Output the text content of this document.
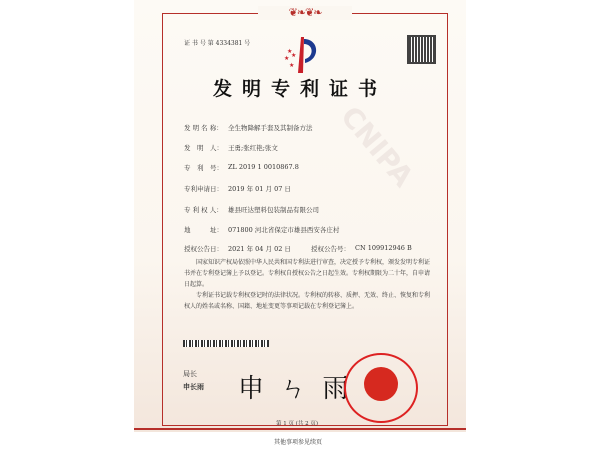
❦❧❦❧
CNIPA
证 书 号 第 4334381 号
★
★ ★
★
发明专利证书
发 明 名 称： 全生物降解手套及其制备方法
发　明　人： 王勇;张红艳;张文
专　利　号： ZL 2019 1 0010867.8
专利申请日： 2019 年 01 月 07 日
专 利 权 人： 雄县旺达塑料包装制品有限公司
地　　　址： 071800 河北省保定市雄县西安各庄村
授权公告日： 2021 年 04 月 02 日	授权公告号： CN 109912946 B
国家知识产权局依照中华人民共和国专利法进行审查，决定授予专利权，颁发发明专利证书并在专利登记簿上予以登记。专利权自授权公告之日起生效。专利权期限为二十年，自申请日起算。
专利证书记载专利权登记时的法律状况。专利权的转移、质押、无效、终止、恢复和专利权人的姓名或名称、国籍、地址变更等事项记载在专利登记簿上。
局长
申长雨 申 ㄣ 雨
第 1 页 (共 2 页)
其他事项参见续页
